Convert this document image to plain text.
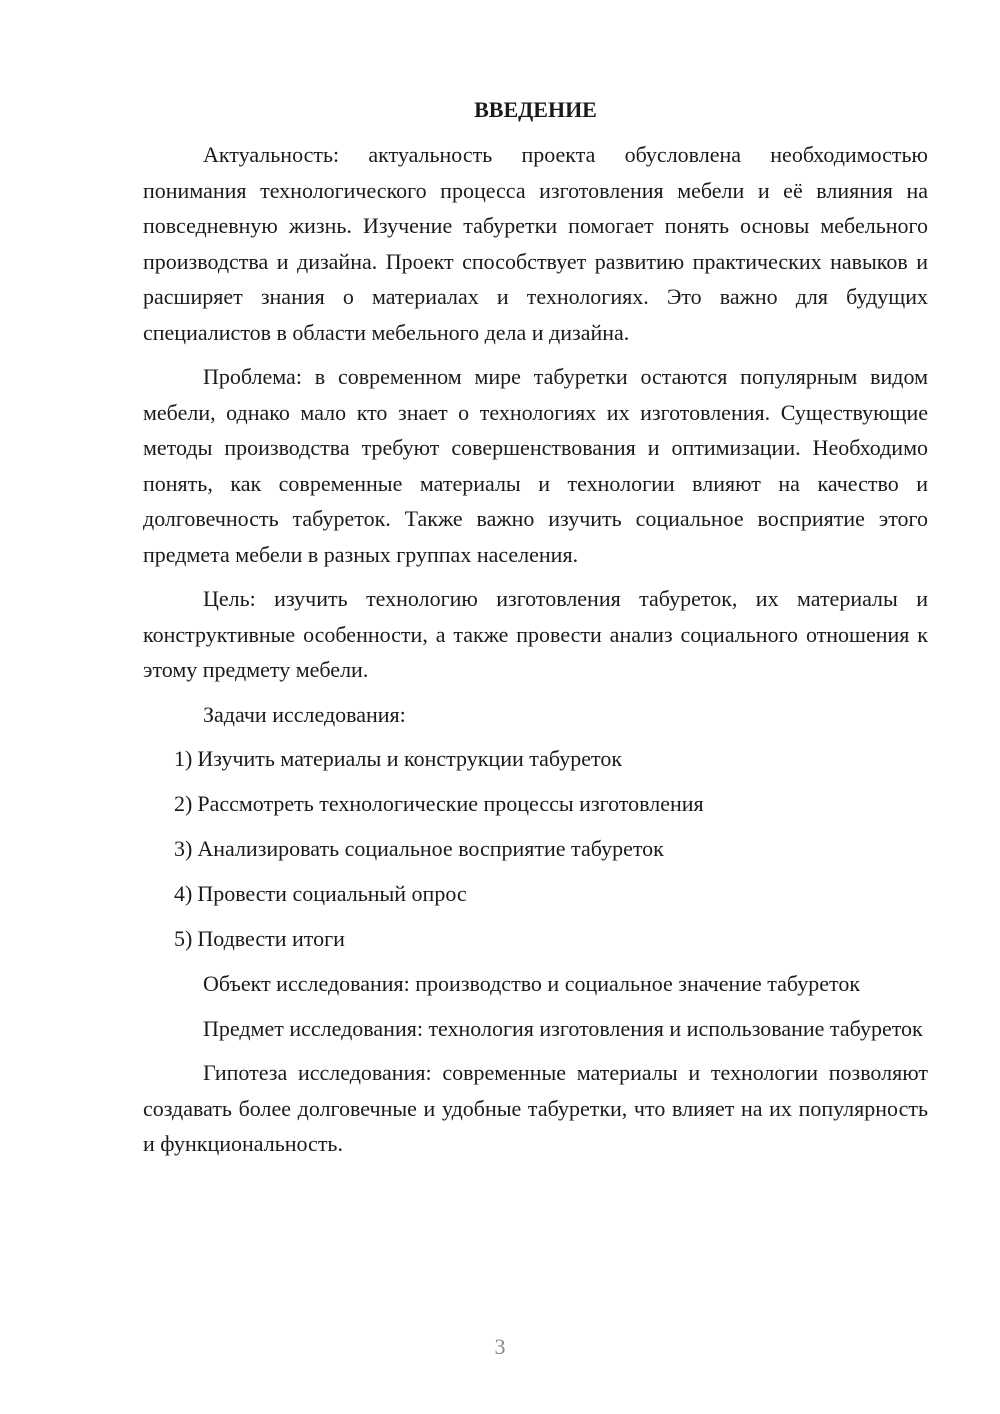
ВВЕДЕНИЕ

Актуальность: актуальность проекта обусловлена необходимостью понимания технологического процесса изготовления мебели и её влияния на повседневную жизнь. Изучение табуретки помогает понять основы мебельного производства и дизайна. Проект способствует развитию практических навыков и расширяет знания о материалах и технологиях. Это важно для будущих специалистов в области мебельного дела и дизайна.

Проблема: в современном мире табуретки остаются популярным видом мебели, однако мало кто знает о технологиях их изготовления. Существующие методы производства требуют совершенствования и оптимизации. Необходимо понять, как современные материалы и технологии влияют на качество и долговечность табуреток. Также важно изучить социальное восприятие этого предмета мебели в разных группах населения.

Цель: изучить технологию изготовления табуреток, их материалы и конструктивные особенности, а также провести анализ социального отношения к этому предмету мебели.

Задачи исследования:

1) Изучить материалы и конструкции табуреток
2) Рассмотреть технологические процессы изготовления
3) Анализировать социальное восприятие табуреток
4) Провести социальный опрос
5) Подвести итоги

Объект исследования: производство и социальное значение табуреток

Предмет исследования: технология изготовления и использование табуреток

Гипотеза исследования: современные материалы и технологии позволяют создавать более долговечные и удобные табуретки, что влияет на их популярность и функциональность.

3
